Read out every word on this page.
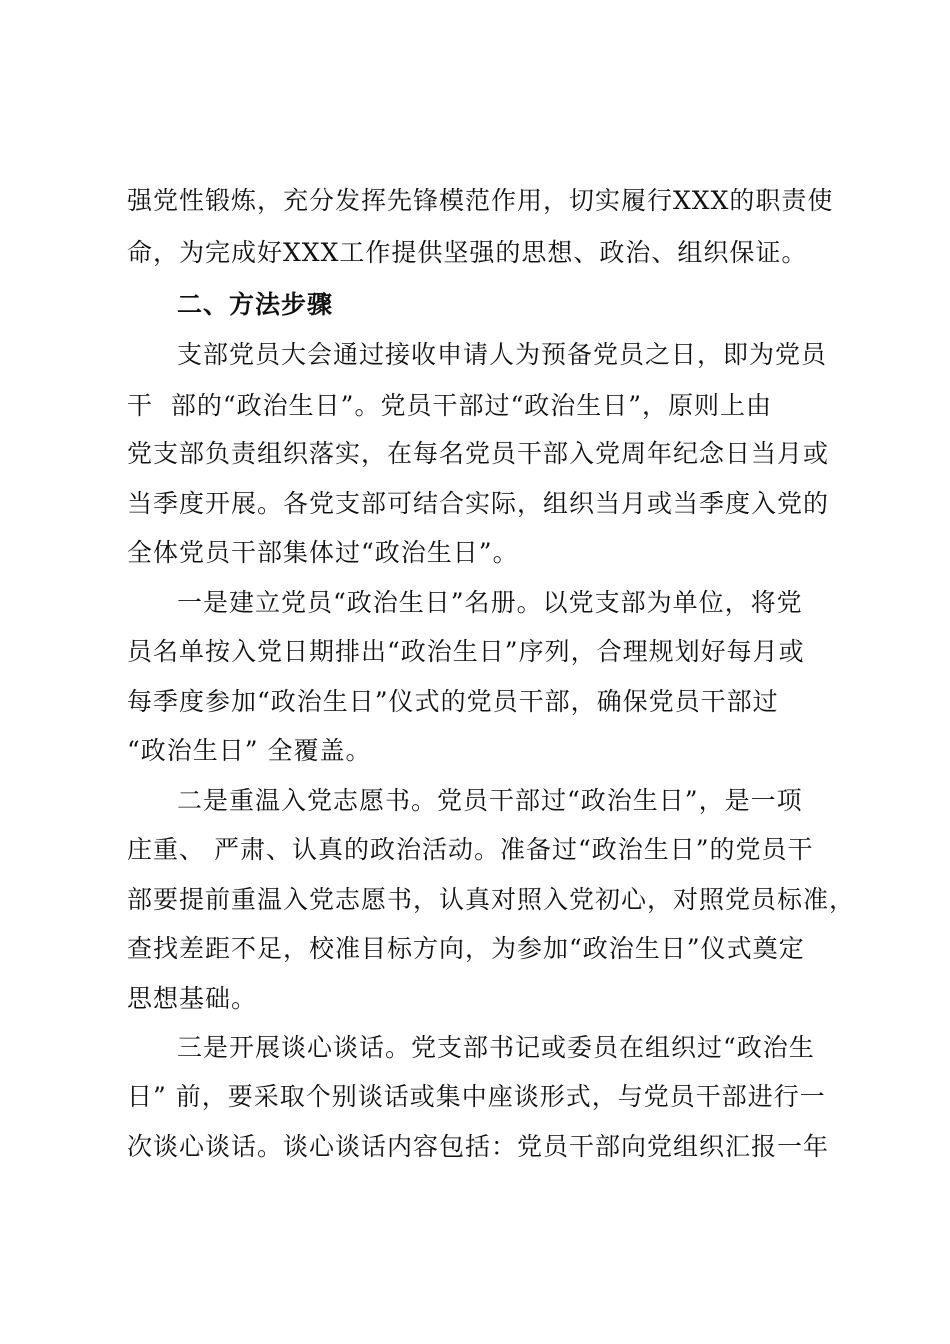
强党性锻炼，充分发挥先锋模范作用，切实履行XXX的职责使
命，为完成好XXX工作提供坚强的思想、政治、组织保证。
二、方法步骤
支部党员大会通过接收申请人为预备党员之日，即为党员
干  部的“政治生日”。党员干部过“政治生日”，原则上由
党支部负责组织落实，在每名党员干部入党周年纪念日当月或
当季度开展。各党支部可结合实际，组织当月或当季度入党的
全体党员干部集体过“政治生日”。
一是建立党员“政治生日”名册。以党支部为单位，将党
员名单按入党日期排出“政治生日”序列，合理规划好每月或
每季度参加“政治生日”仪式的党员干部，确保党员干部过
“政治生日” 全覆盖。
二是重温入党志愿书。党员干部过“政治生日”，是一项
庄重、 严肃、认真的政治活动。准备过“政治生日”的党员干
部要提前重温入党志愿书，认真对照入党初心，对照党员标准，
查找差距不足，校准目标方向，为参加“政治生日”仪式奠定
思想基础。
三是开展谈心谈话。党支部书记或委员在组织过“政治生
日” 前，要采取个别谈话或集中座谈形式，与党员干部进行一
次谈心谈话。谈心谈话内容包括：党员干部向党组织汇报一年
